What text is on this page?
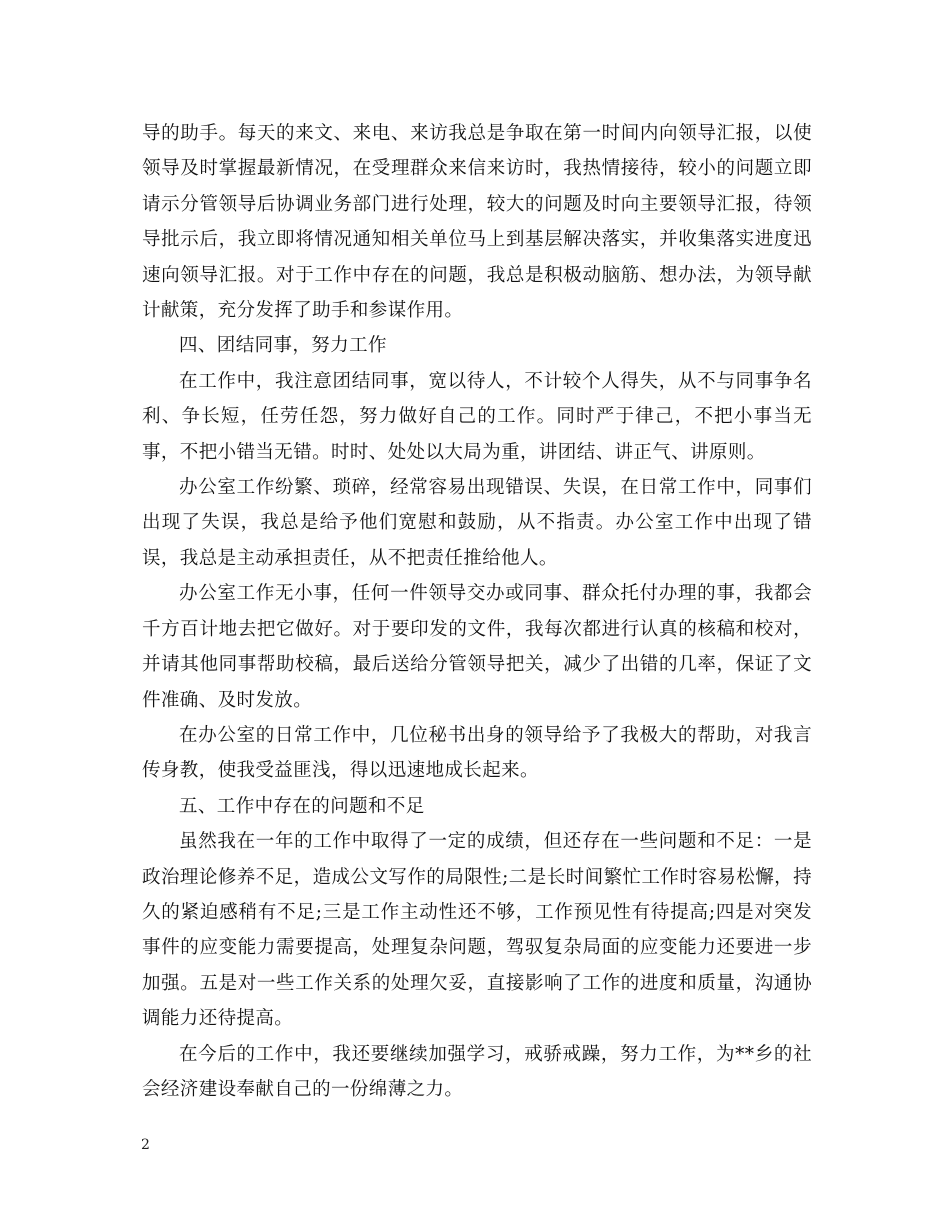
导的助手。每天的来文、来电、来访我总是争取在第一时间内向领导汇报，以使领导及时掌握最新情况，在受理群众来信来访时，我热情接待，较小的问题立即请示分管领导后协调业务部门进行处理，较大的问题及时向主要领导汇报，待领导批示后，我立即将情况通知相关单位马上到基层解决落实，并收集落实进度迅速向领导汇报。对于工作中存在的问题，我总是积极动脑筋、想办法，为领导献计献策，充分发挥了助手和参谋作用。

四、团结同事，努力工作

在工作中，我注意团结同事，宽以待人，不计较个人得失，从不与同事争名利、争长短，任劳任怨，努力做好自己的工作。同时严于律己，不把小事当无事，不把小错当无错。时时、处处以大局为重，讲团结、讲正气、讲原则。

办公室工作纷繁、琐碎，经常容易出现错误、失误，在日常工作中，同事们出现了失误，我总是给予他们宽慰和鼓励，从不指责。办公室工作中出现了错误，我总是主动承担责任，从不把责任推给他人。

办公室工作无小事，任何一件领导交办或同事、群众托付办理的事，我都会千方百计地去把它做好。对于要印发的文件，我每次都进行认真的核稿和校对，并请其他同事帮助校稿，最后送给分管领导把关，减少了出错的几率，保证了文件准确、及时发放。

在办公室的日常工作中，几位秘书出身的领导给予了我极大的帮助，对我言传身教，使我受益匪浅，得以迅速地成长起来。

五、工作中存在的问题和不足

虽然我在一年的工作中取得了一定的成绩，但还存在一些问题和不足：一是政治理论修养不足，造成公文写作的局限性;二是长时间繁忙工作时容易松懈，持久的紧迫感稍有不足;三是工作主动性还不够，工作预见性有待提高;四是对突发事件的应变能力需要提高，处理复杂问题，驾驭复杂局面的应变能力还要进一步加强。五是对一些工作关系的处理欠妥，直接影响了工作的进度和质量，沟通协调能力还待提高。

在今后的工作中，我还要继续加强学习，戒骄戒躁，努力工作，为**乡的社会经济建设奉献自己的一份绵薄之力。

2
